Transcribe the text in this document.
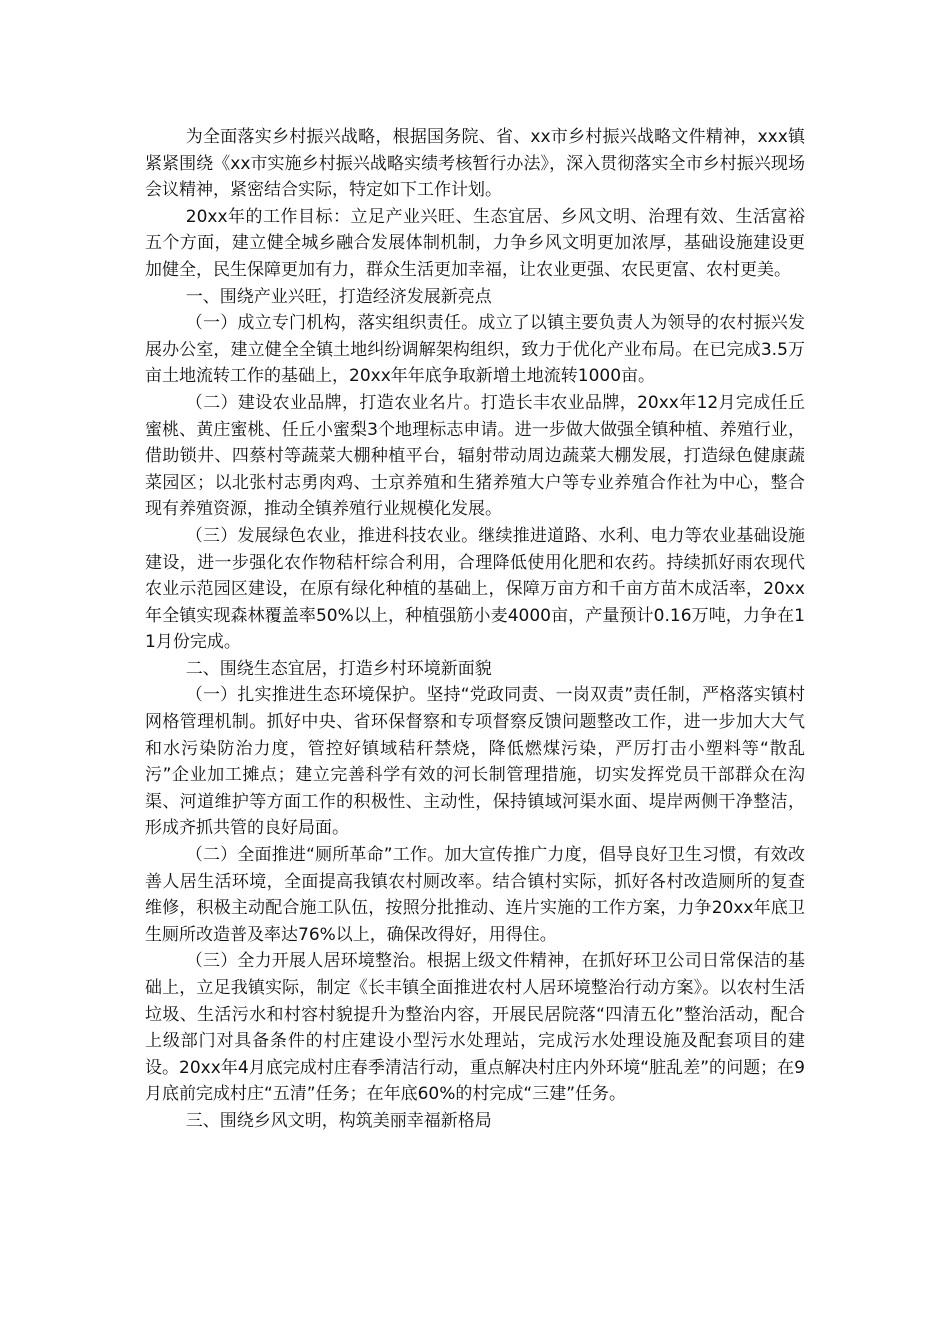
为全面落实乡村振兴战略，根据国务院、省、xx市乡村振兴战略文件精神，xxx镇紧紧围绕《xx市实施乡村振兴战略实绩考核暂行办法》，深入贯彻落实全市乡村振兴现场会议精神，紧密结合实际，特定如下工作计划。

20xx年的工作目标：立足产业兴旺、生态宜居、乡风文明、治理有效、生活富裕五个方面，建立健全城乡融合发展体制机制，力争乡风文明更加浓厚，基础设施建设更加健全，民生保障更加有力，群众生活更加幸福，让农业更强、农民更富、农村更美。

一、围绕产业兴旺，打造经济发展新亮点

（一）成立专门机构，落实组织责任。成立了以镇主要负责人为领导的农村振兴发展办公室，建立健全全镇土地纠纷调解架构组织，致力于优化产业布局。在已完成3.5万亩土地流转工作的基础上，20xx年年底争取新增土地流转1000亩。

（二）建设农业品牌，打造农业名片。打造长丰农业品牌，20xx年12月完成任丘蜜桃、黄庄蜜桃、任丘小蜜梨3个地理标志申请。进一步做大做强全镇种植、养殖行业，借助锁井、四蔡村等蔬菜大棚种植平台，辐射带动周边蔬菜大棚发展，打造绿色健康蔬菜园区；以北张村志勇肉鸡、士京养殖和生猪养殖大户等专业养殖合作社为中心，整合现有养殖资源，推动全镇养殖行业规模化发展。

（三）发展绿色农业，推进科技农业。继续推进道路、水利、电力等农业基础设施建设，进一步强化农作物秸杆综合利用，合理降低使用化肥和农药。持续抓好雨农现代农业示范园区建设，在原有绿化种植的基础上，保障万亩方和千亩方苗木成活率，20xx年全镇实现森林覆盖率50%以上，种植强筋小麦4000亩，产量预计0.16万吨，力争在11月份完成。

二、围绕生态宜居，打造乡村环境新面貌

（一）扎实推进生态环境保护。坚持“党政同责、一岗双责”责任制，严格落实镇村网格管理机制。抓好中央、省环保督察和专项督察反馈问题整改工作，进一步加大大气和水污染防治力度，管控好镇域秸秆禁烧，降低燃煤污染，严厉打击小塑料等“散乱污”企业加工摊点；建立完善科学有效的河长制管理措施，切实发挥党员干部群众在沟渠、河道维护等方面工作的积极性、主动性，保持镇域河渠水面、堤岸两侧干净整洁，形成齐抓共管的良好局面。

（二）全面推进“厕所革命”工作。加大宣传推广力度，倡导良好卫生习惯，有效改善人居生活环境，全面提高我镇农村厕改率。结合镇村实际，抓好各村改造厕所的复查维修，积极主动配合施工队伍，按照分批推动、连片实施的工作方案，力争20xx年底卫生厕所改造普及率达76%以上，确保改得好，用得住。

（三）全力开展人居环境整治。根据上级文件精神，在抓好环卫公司日常保洁的基础上，立足我镇实际，制定《长丰镇全面推进农村人居环境整治行动方案》。以农村生活垃圾、生活污水和村容村貌提升为整治内容，开展民居院落“四清五化”整治活动，配合上级部门对具备条件的村庄建设小型污水处理站，完成污水处理设施及配套项目的建设。20xx年4月底完成村庄春季清洁行动，重点解决村庄内外环境“脏乱差”的问题；在9月底前完成村庄“五清”任务；在年底60%的村完成“三建”任务。

三、围绕乡风文明，构筑美丽幸福新格局
